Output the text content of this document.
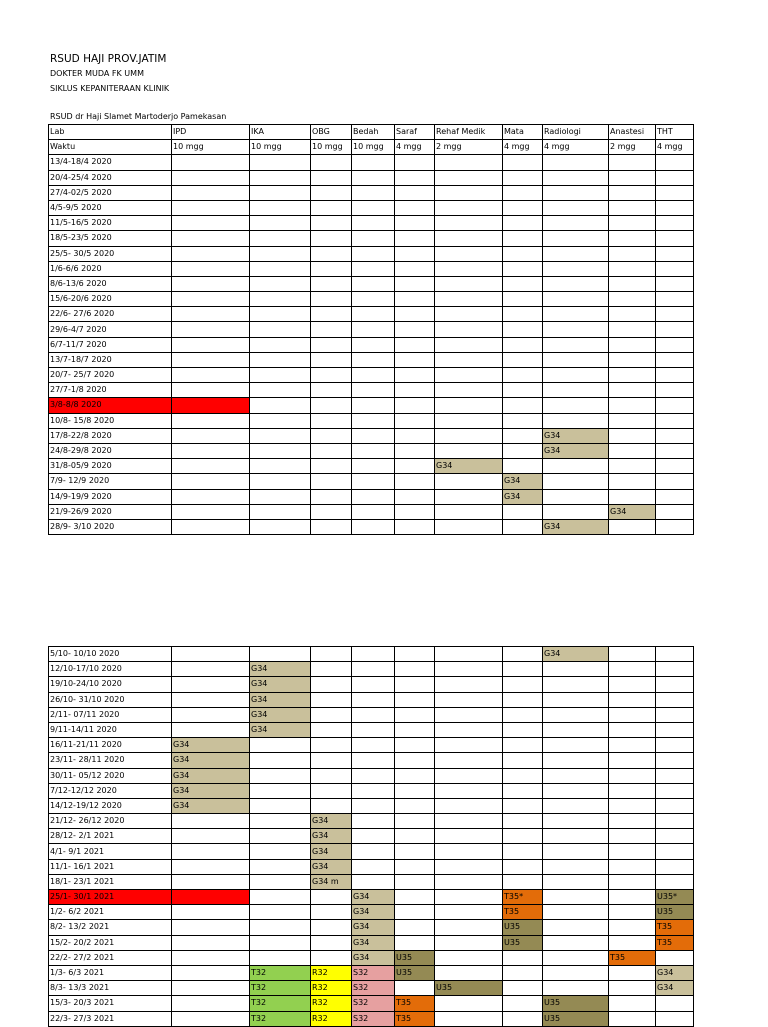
RSUD HAJI PROV.JATIM
DOKTER MUDA FK UMM
SIKLUS KEPANITERAAN KLINIK
RSUD dr Haji Slamet Martoderjo Pamekasan
Lab	IPD	IKA	OBG	Bedah	Saraf	Rehaf Medik	Mata	Radiologi	Anastesi	THT
Waktu	10 mgg	10 mgg	10 mgg	10 mgg	4 mgg	2 mgg	4 mgg	4 mgg	2 mgg	4 mgg
13/4-18/4 2020										
20/4-25/4 2020										
27/4-02/5 2020										
4/5-9/5 2020										
11/5-16/5 2020										
18/5-23/5 2020										
25/5- 30/5 2020										
1/6-6/6 2020										
8/6-13/6 2020										
15/6-20/6 2020										
22/6- 27/6 2020										
29/6-4/7 2020										
6/7-11/7 2020										
13/7-18/7 2020										
20/7- 25/7 2020										
27/7-1/8 2020										
3/8-8/8 2020										
10/8- 15/8 2020										
17/8-22/8 2020								G34		
24/8-29/8 2020								G34		
31/8-05/9 2020						G34				
7/9- 12/9 2020							G34			
14/9-19/9 2020							G34			
21/9-26/9 2020									G34	
28/9- 3/10 2020								G34		
5/10- 10/10 2020								G34		
12/10-17/10 2020		G34								
19/10-24/10 2020		G34								
26/10- 31/10 2020		G34								
2/11- 07/11 2020		G34								
9/11-14/11 2020		G34								
16/11-21/11 2020	G34									
23/11- 28/11 2020	G34									
30/11- 05/12 2020	G34									
7/12-12/12 2020	G34									
14/12-19/12 2020	G34									
21/12- 26/12 2020			G34							
28/12- 2/1 2021			G34							
4/1- 9/1 2021			G34							
11/1- 16/1 2021			G34							
18/1- 23/1 2021			G34 m							
25/1- 30/1 2021				G34			T35*			U35*
1/2- 6/2 2021				G34			T35			U35
8/2- 13/2 2021				G34			U35			T35
15/2- 20/2 2021				G34			U35			T35
22/2- 27/2 2021				G34	U35				T35	
1/3- 6/3 2021		T32	R32	S32	U35					G34
8/3- 13/3 2021		T32	R32	S32		U35				G34
15/3- 20/3 2021		T32	R32	S32	T35			U35		
22/3- 27/3 2021		T32	R32	S32	T35			U35		
